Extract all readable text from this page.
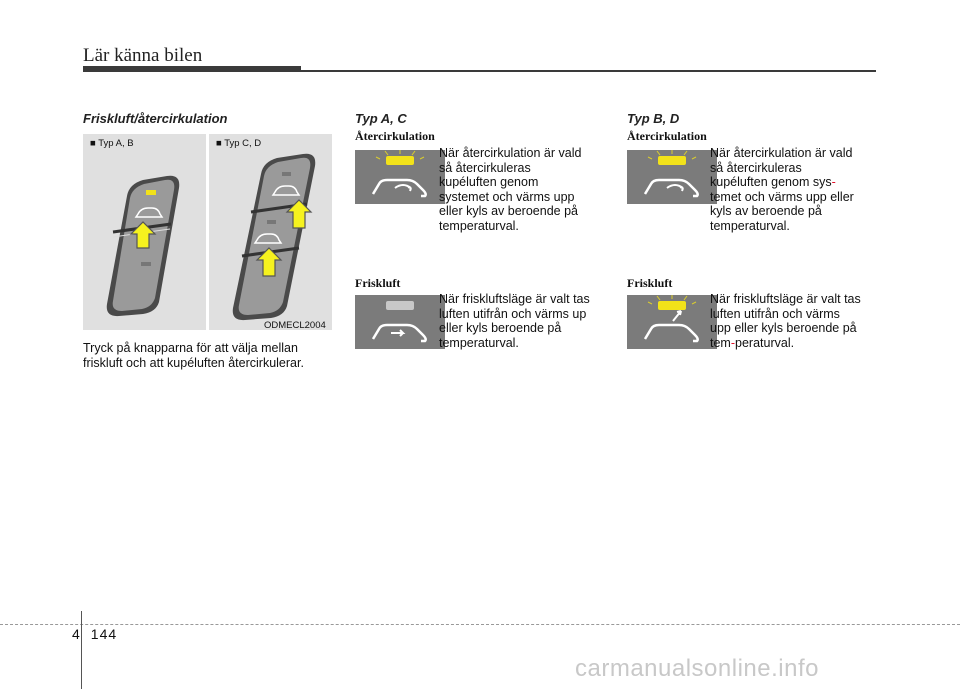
Lär känna bilen
Friskluft/återcirkulation
■ Typ A, B	■ Typ C, D
ODMECL2004
Tryck på knapparna för att välja mellan
friskluft och att kupéluften återcirkulerar.
Typ A, C
Återcirkulation
När återcirkulation är vald
så återcirkuleras
kupéluften genom
systemet och värms upp
eller kyls av beroende på
temperaturval.
Friskluft
När friskluftsläge är valt tas
luften utifrån och värms up
eller kyls beroende på
temperaturval.
Typ B, D
Återcirkulation
När återcirkulation är vald
så återcirkuleras
kupéluften genom sys-
temet och värms upp eller
kyls av beroende på
temperaturval.
Friskluft
När friskluftsläge är valt tas
luften utifrån och värms
upp eller kyls beroende på
tem-peraturval.
4 144
carmanualsonline.info
